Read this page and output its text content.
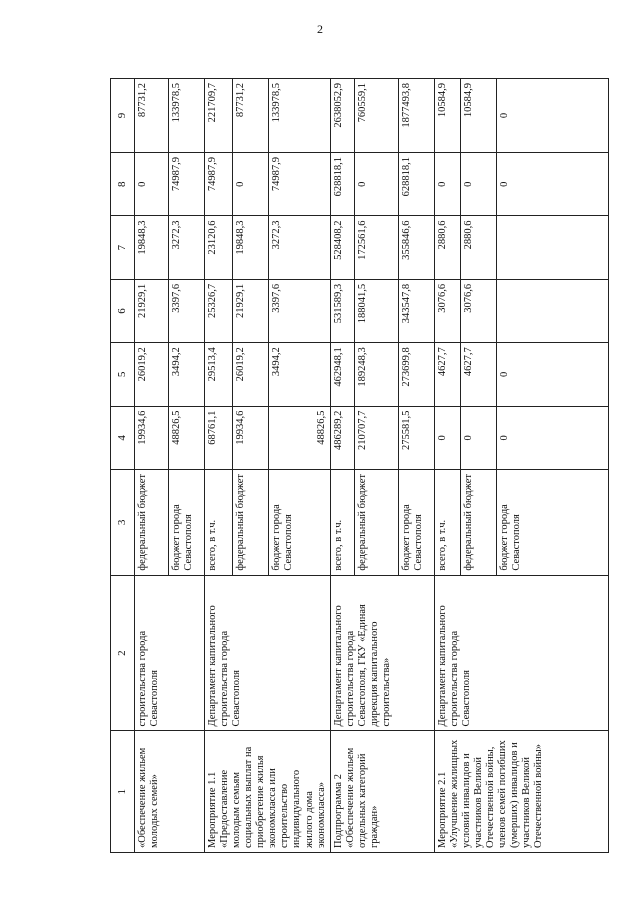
2
1	2	3	4	5	6	7	8	9
«Обеспечение жильем молодых семей»	строительства города Севастополя	федеральный бюджет	19934,6	26019,2	21929,1	19848,3	0	87731,2
		бюджет города Севастополя	48826,5	3494,2	3397,6	3272,3	74987,9	133978,5
Мероприятие 1.1 «Предоставление молодым семьям социальных выплат на приобретение жилья экономкласса или строительство индивидуального жилого дома экономкласса»	Департамент капитального строительства города Севастополя	всего, в т.ч.	68761,1	29513,4	25326,7	23120,6	74987,9	221709,7
		федеральный бюджет	19934,6	26019,2	21929,1	19848,3	0	87731,2
		бюджет города Севастополя	48826,5	3494,2	3397,6	3272,3	74987,9	133978,5
Подпрограмма 2 «Обеспечение жильем отдельных категорий граждан»	Департамент капитального строительства города Севастополя, ГКУ «Единая дирекция капитального строительства»	всего, в т.ч.	486289,2	462948,1	531589,3	528408,2	628818,1	2638052,9
		федеральный бюджет	210707,7	189248,3	188041,5	172561,6	0	760559,1
		бюджет города Севастополя	275581,5	273699,8	343547,8	355846,6	628818,1	1877493,8
Мероприятие 2.1 «Улучшение жилищных условий инвалидов и участников Великой Отечественной войны, членов семей погибших (умерших) инвалидов и участников Великой Отечественной войны»	Департамент капитального строительства города Севастополя	всего, в т.ч.	0	4627,7	3076,6	2880,6	0	10584,9
		федеральный бюджет	0	4627,7	3076,6	2880,6	0	10584,9
		бюджет города Севастополя	0	0			0	0
